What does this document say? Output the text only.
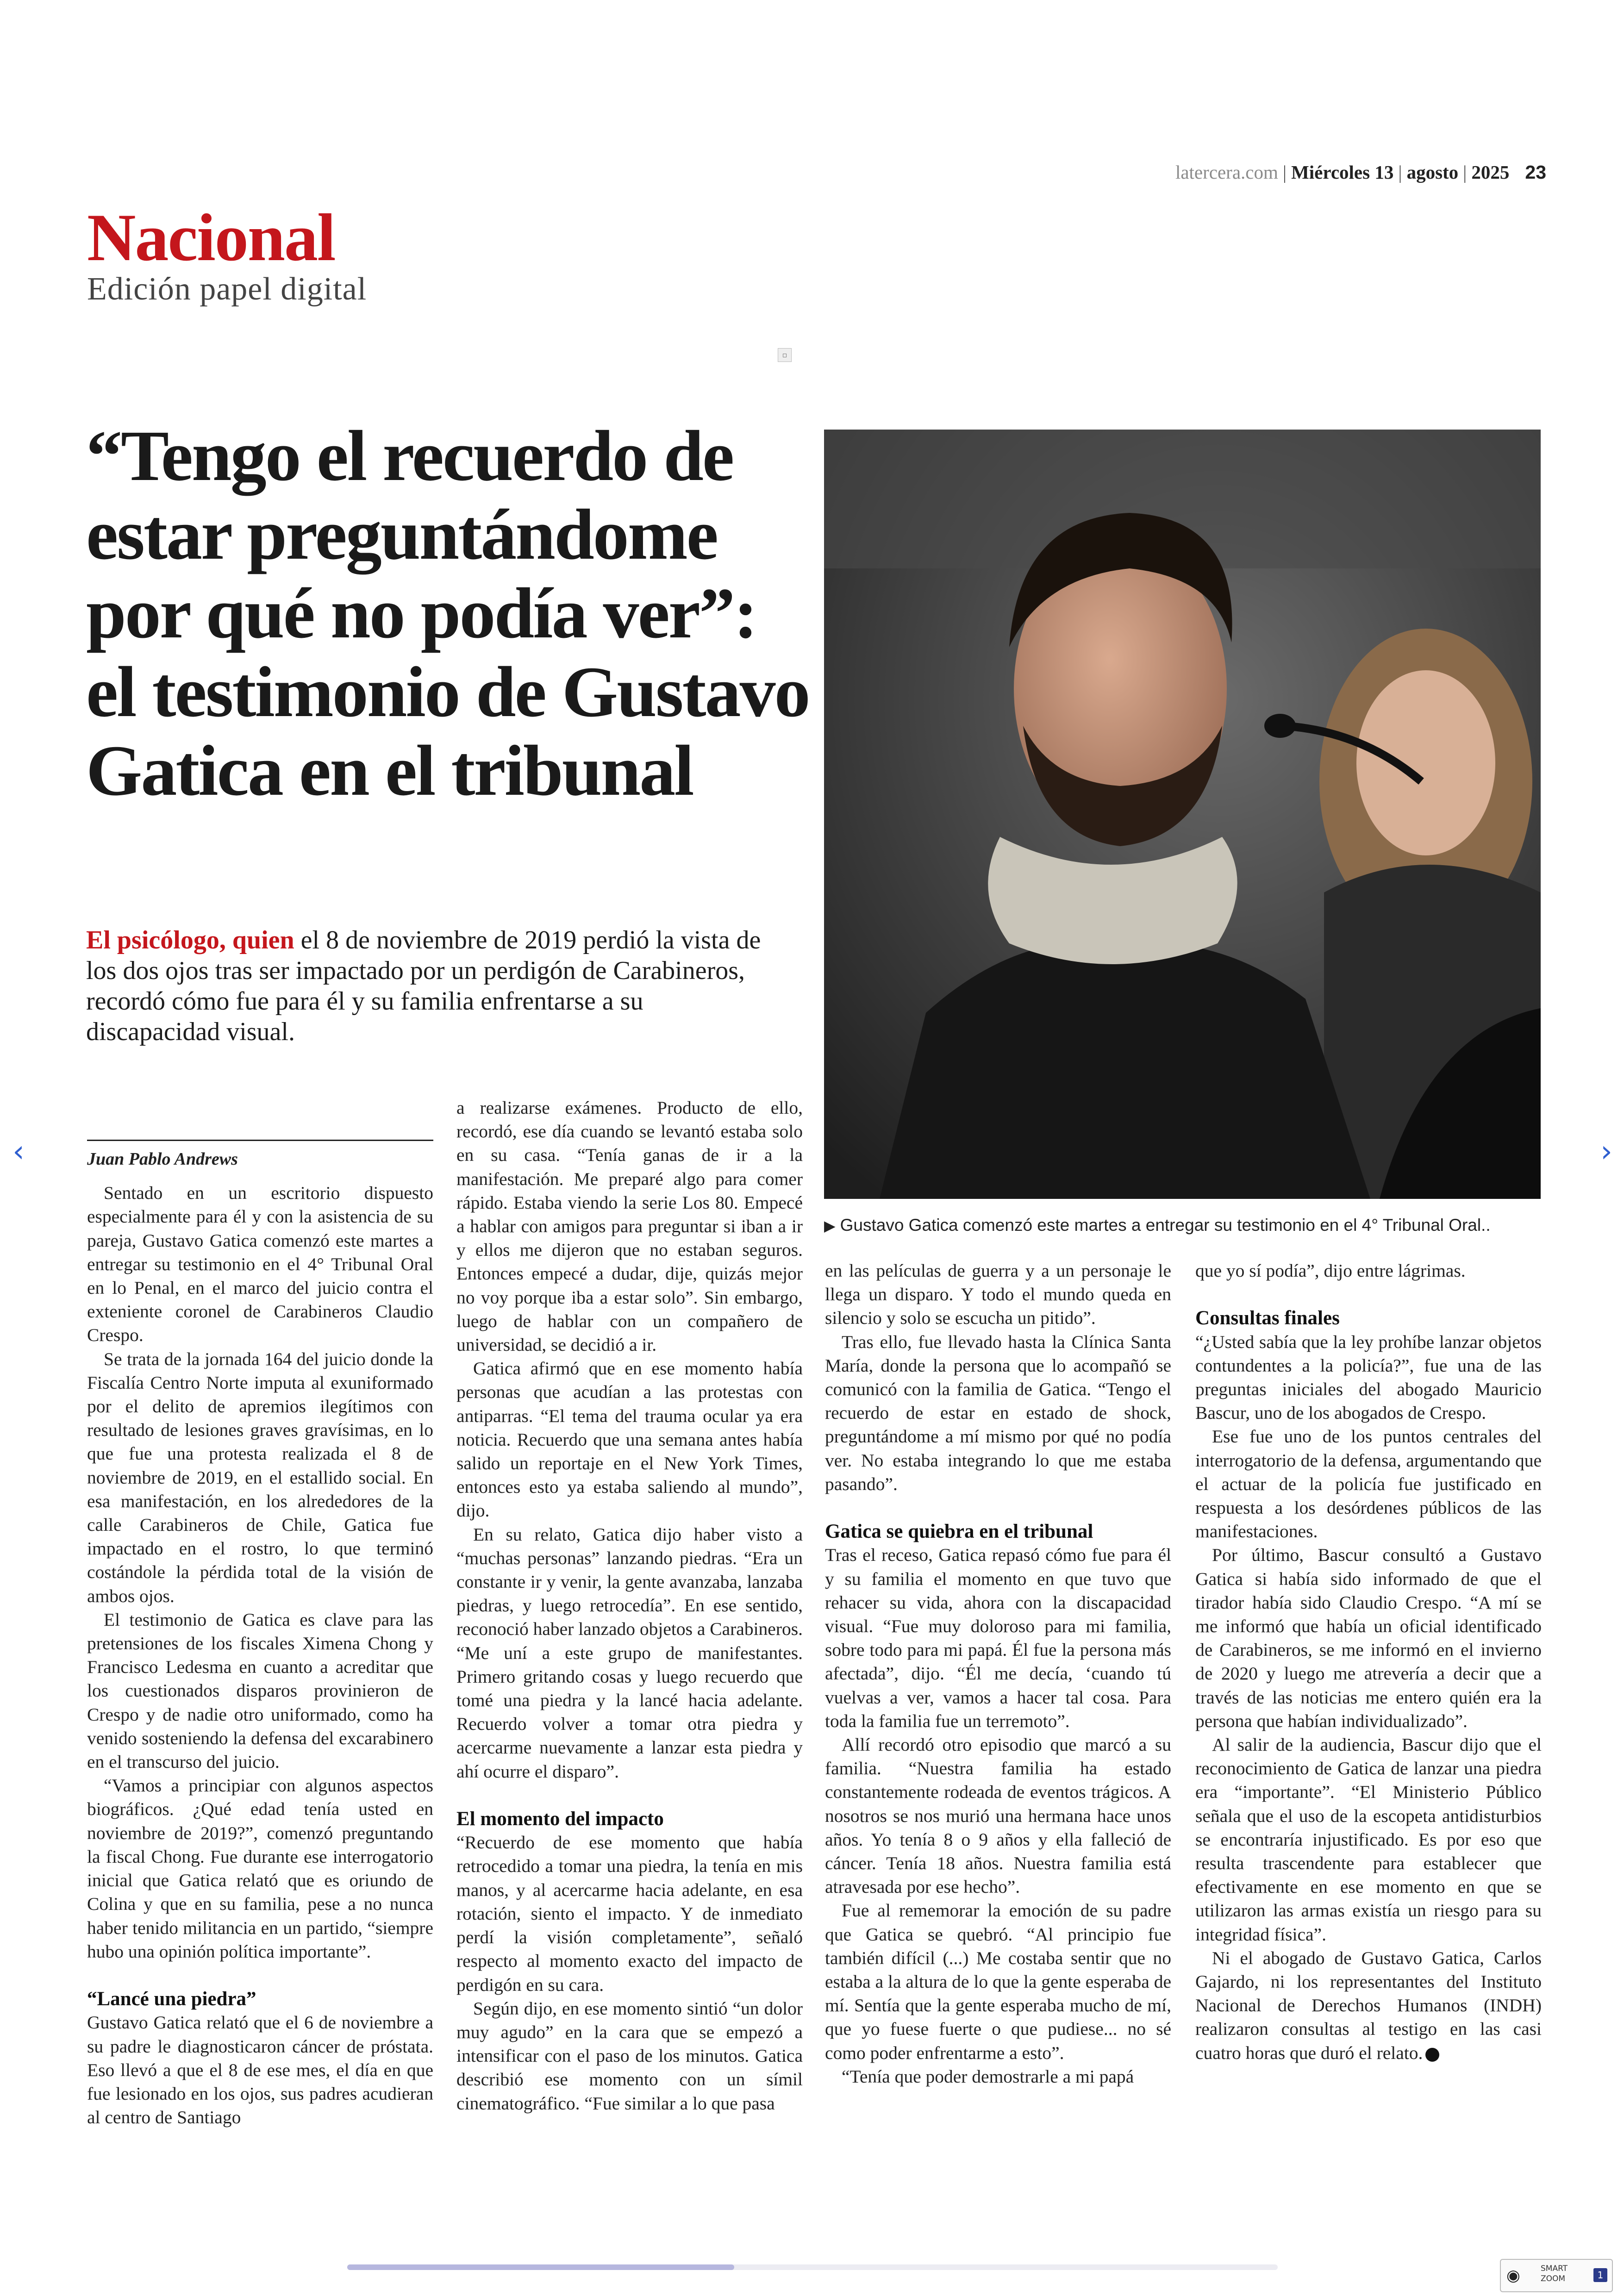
latercera.com | Miércoles 13 | agosto | 2025 23
Nacional
Edición papel digital
▫
“Tengo el recuerdo de estar preguntándome por qué no podía ver”: el testimonio de Gustavo Gatica en el tribunal

El psicólogo, quien el 8 de noviembre de 2019 perdió la vista de los dos ojos tras ser impactado por un perdigón de Carabineros, recordó cómo fue para él y su familia enfrentarse a su discapacidad visual.

▶ Gustavo Gatica comenzó este martes a entregar su testimonio en el 4° Tribunal Oral..
Juan Pablo Andrews

Sentado en un escritorio dispuesto especialmente para él y con la asistencia de su pareja, Gustavo Gatica comenzó este martes a entregar su testimonio en el 4° Tribunal Oral en lo Penal, en el marco del juicio contra el exteniente coronel de Carabineros Claudio Crespo.

Se trata de la jornada 164 del juicio donde la Fiscalía Centro Norte imputa al exuniformado por el delito de apremios ilegítimos con resultado de lesiones graves gravísimas, en lo que fue una protesta realizada el 8 de noviembre de 2019, en el estallido social. En esa manifestación, en los alrededores de la calle Carabineros de Chile, Gatica fue impactado en el rostro, lo que terminó costándole la pérdida total de la visión de ambos ojos.

El testimonio de Gatica es clave para las pretensiones de los fiscales Ximena Chong y Francisco Ledesma en cuanto a acreditar que los cuestionados disparos provinieron de Crespo y de nadie otro uniformado, como ha venido sosteniendo la defensa del excarabinero en el transcurso del juicio.

“Vamos a principiar con algunos aspectos biográficos. ¿Qué edad tenía usted en noviembre de 2019?”, comenzó preguntando la fiscal Chong. Fue durante ese interrogatorio inicial que Gatica relató que es oriundo de Colina y que en su familia, pese a no nunca haber tenido militancia en un partido, “siempre hubo una opinión política importante”.

“Lancé una piedra”

Gustavo Gatica relató que el 6 de noviembre a su padre le diagnosticaron cáncer de próstata. Eso llevó a que el 8 de ese mes, el día en que fue lesionado en los ojos, sus padres acudieran al centro de Santiago

a realizarse exámenes. Producto de ello, recordó, ese día cuando se levantó estaba solo en su casa. “Tenía ganas de ir a la manifestación. Me preparé algo para comer rápido. Estaba viendo la serie Los 80. Empecé a hablar con amigos para preguntar si iban a ir y ellos me dijeron que no estaban seguros. Entonces empecé a dudar, dije, quizás mejor no voy porque iba a estar solo”. Sin embargo, luego de hablar con un compañero de universidad, se decidió a ir.

Gatica afirmó que en ese momento había personas que acudían a las protestas con antiparras. “El tema del trauma ocular ya era noticia. Recuerdo que una semana antes había salido un reportaje en el New York Times, entonces esto ya estaba saliendo al mundo”, dijo.

En su relato, Gatica dijo haber visto a “muchas personas” lanzando piedras. “Era un constante ir y venir, la gente avanzaba, lanzaba piedras, y luego retrocedía”. En ese sentido, reconoció haber lanzado objetos a Carabineros. “Me uní a este grupo de manifestantes. Primero gritando cosas y luego recuerdo que tomé una piedra y la lancé hacia adelante. Recuerdo volver a tomar otra piedra y acercarme nuevamente a lanzar esta piedra y ahí ocurre el disparo”.

El momento del impacto

“Recuerdo de ese momento que había retrocedido a tomar una piedra, la tenía en mis manos, y al acercarme hacia adelante, en esa rotación, siento el impacto. Y de inmediato perdí la visión completamente”, señaló respecto al momento exacto del impacto de perdigón en su cara.

Según dijo, en ese momento sintió “un dolor muy agudo” en la cara que se empezó a intensificar con el paso de los minutos. Gatica describió ese momento con un símil cinematográfico. “Fue similar a lo que pasa

en las películas de guerra y a un personaje le llega un disparo. Y todo el mundo queda en silencio y solo se escucha un pitido”.

Tras ello, fue llevado hasta la Clínica Santa María, donde la persona que lo acompañó se comunicó con la familia de Gatica. “Tengo el recuerdo de estar en estado de shock, preguntándome a mí mismo por qué no podía ver. No estaba integrando lo que me estaba pasando”.

Gatica se quiebra en el tribunal

Tras el receso, Gatica repasó cómo fue para él y su familia el momento en que tuvo que rehacer su vida, ahora con la discapacidad visual. “Fue muy doloroso para mi familia, sobre todo para mi papá. Él fue la persona más afectada”, dijo. “Él me decía, ‘cuando tú vuelvas a ver, vamos a hacer tal cosa. Para toda la familia fue un terremoto”.

Allí recordó otro episodio que marcó a su familia. “Nuestra familia ha estado constantemente rodeada de eventos trágicos. A nosotros se nos murió una hermana hace unos años. Yo tenía 8 o 9 años y ella falleció de cáncer. Tenía 18 años. Nuestra familia está atravesada por ese hecho”.

Fue al rememorar la emoción de su padre que Gatica se quebró. “Al principio fue también difícil (...) Me costaba sentir que no estaba a la altura de lo que la gente esperaba de mí. Sentía que la gente esperaba mucho de mí, que yo fuese fuerte o que pudiese... no sé como poder enfrentarme a esto”.

“Tenía que poder demostrarle a mi papá

que yo sí podía”, dijo entre lágrimas.

Consultas finales

“¿Usted sabía que la ley prohíbe lanzar objetos contundentes a la policía?”, fue una de las preguntas iniciales del abogado Mauricio Bascur, uno de los abogados de Crespo.

Ese fue uno de los puntos centrales del interrogatorio de la defensa, argumentando que el actuar de la policía fue justificado en respuesta a los desórdenes públicos de las manifestaciones.

Por último, Bascur consultó a Gustavo Gatica si había sido informado de que el tirador había sido Claudio Crespo. “A mí se me informó que había un oficial identificado de Carabineros, se me informó en el invierno de 2020 y luego me atrevería a decir que a través de las noticias me entero quién era la persona que habían individualizado”.

Al salir de la audiencia, Bascur dijo que el reconocimiento de Gatica de lanzar una piedra era “importante”. “El Ministerio Público señala que el uso de la escopeta antidisturbios se encontraría injustificado. Es por eso que resulta trascendente para establecer que efectivamente en ese momento en que se utilizaron las armas existía un riesgo para su integridad física”.

Ni el abogado de Gustavo Gatica, Carlos Gajardo, ni los representantes del Instituto Nacional de Derechos Humanos (INDH) realizaron consultas al testigo en las casi cuatro horas que duró el relato.

‹	›
◉	SMART
ZOOM	1
